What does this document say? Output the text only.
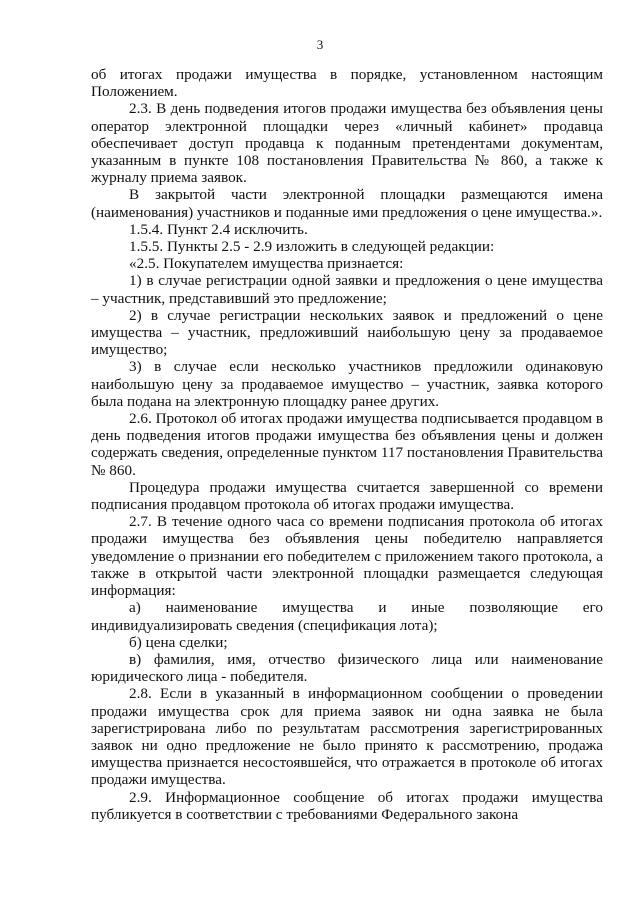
3

об итогах продажи имущества в порядке, установленном настоящим Положением.

2.3. В день подведения итогов продажи имущества без объявления цены оператор электронной площадки через «личный кабинет» продавца обеспечивает доступ продавца к поданным претендентами документам, указанным в пункте 108 постановления Правительства № 860, а также к журналу приема заявок.

В закрытой части электронной площадки размещаются имена (наименования) участников и поданные ими предложения о цене имущества.».

1.5.4. Пункт 2.4 исключить.

1.5.5. Пункты 2.5 - 2.9 изложить в следующей редакции:

«2.5. Покупателем имущества признается:

1) в случае регистрации одной заявки и предложения о цене имущества – участник, представивший это предложение;

2) в случае регистрации нескольких заявок и предложений о цене имущества – участник, предложивший наибольшую цену за продаваемое имущество;

3) в случае если несколько участников предложили одинаковую наибольшую цену за продаваемое имущество – участник, заявка которого была подана на электронную площадку ранее других.

2.6. Протокол об итогах продажи имущества подписывается продавцом в день подведения итогов продажи имущества без объявления цены и должен содержать сведения, определенные пунктом 117 постановления Правительства № 860.

Процедура продажи имущества считается завершенной со времени подписания продавцом протокола об итогах продажи имущества.

2.7. В течение одного часа со времени подписания протокола об итогах продажи имущества без объявления цены победителю направляется уведомление о признании его победителем с приложением такого протокола, а также в открытой части электронной площадки размещается следующая информация:

а) наименование имущества и иные позволяющие его индивидуализировать сведения (спецификация лота);

б) цена сделки;

в) фамилия, имя, отчество физического лица или наименование юридического лица - победителя.

2.8. Если в указанный в информационном сообщении о проведении продажи имущества срок для приема заявок ни одна заявка не была зарегистрирована либо по результатам рассмотрения зарегистрированных заявок ни одно предложение не было принято к рассмотрению, продажа имущества признается несостоявшейся, что отражается в протоколе об итогах продажи имущества.

2.9. Информационное сообщение об итогах продажи имущества публикуется в соответствии с требованиями Федерального закона
